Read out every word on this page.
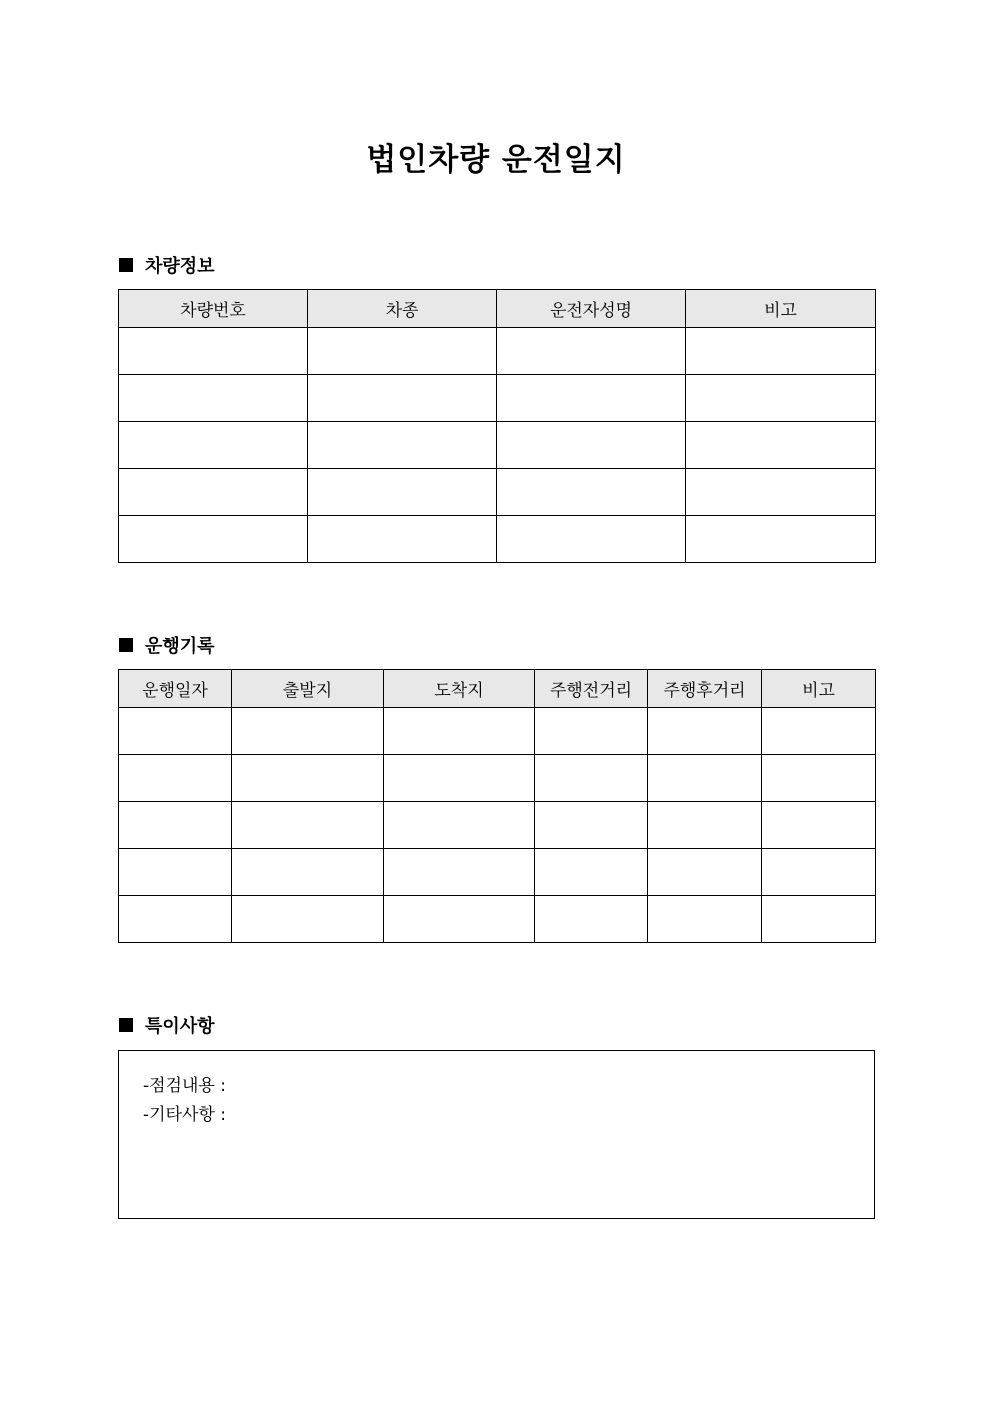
법인차량 운전일지
차량정보
차량번호	차종	운전자성명	비고

운행기록
운행일자	출발지	도착지	주행전거리	주행후거리	비고

특이사항
-점검내용 :
-기타사항 :
